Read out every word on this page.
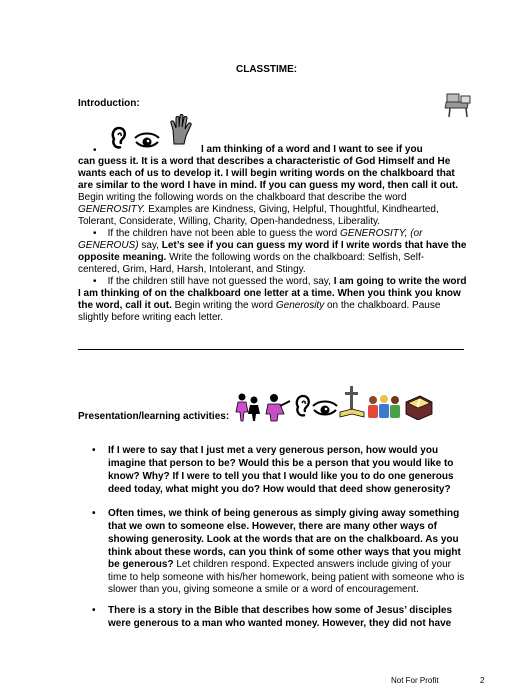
CLASSTIME:
Introduction:
•	I am thinking of a word and I want to see if you
can guess it. It is a word that describes a characteristic of God Himself and He
wants each of us to develop it. I will begin writing words on the chalkboard that
are similar to the word I have in mind. If you can guess my word, then call it out.
Begin writing the following words on the chalkboard that describe the word
GENEROSITY. Examples are Kindness, Giving, Helpful, Thoughtful, Kindhearted,
Tolerant, Considerate, Willing, Charity, Open-handedness, Liberality.
•    If the children have not been able to guess the word GENEROSITY, (or
GENEROUS) say, Let’s see if you can guess my word if I write words that have the
opposite meaning. Write the following words on the chalkboard: Selfish, Self-
centered, Grim, Hard, Harsh, Intolerant, and Stingy.
•    If the children still have not guessed the word, say, I am going to write the word
I am thinking of on the chalkboard one letter at a time. When you think you know
the word, call it out. Begin writing the word Generosity on the chalkboard. Pause
slightly before writing each letter.
Presentation/learning activities:
• If I were to say that I just met a very generous person, how would you
imagine that person to be? Would this be a person that you would like to
know? Why? If I were to tell you that I would like you to do one generous
deed today, what might you do? How would that deed show generosity?
• Often times, we think of being generous as simply giving away something
that we own to someone else. However, there are many other ways of
showing generosity. Look at the words that are on the chalkboard. As you
think about these words, can you think of some other ways that you might
be generous? Let children respond. Expected answers include giving of your
time to help someone with his/her homework, being patient with someone who is
slower than you, giving someone a smile or a word of encouragement.
• There is a story in the Bible that describes how some of Jesus’ disciples
were generous to a man who wanted money. However, they did not have
Not For Profit	2
